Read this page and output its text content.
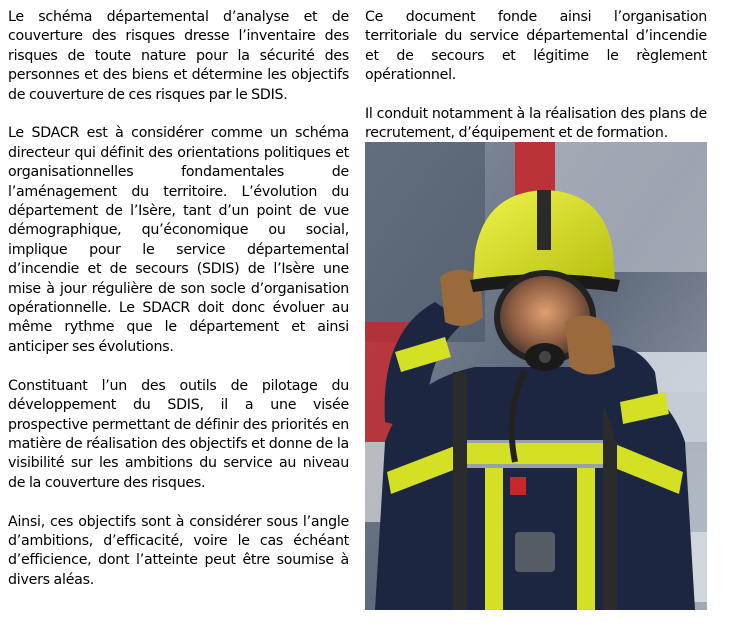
Le schéma départemental d’analyse et de couverture des risques dresse l’inventaire des risques de toute nature pour la sécurité des personnes et des biens et détermine les objectifs de couverture de ces risques par le SDIS.

Le SDACR est à considérer comme un schéma directeur qui définit des orientations politiques et organisationnelles fondamentales de l’aménagement du territoire. L’évolution du département de l’Isère, tant d’un point de vue démographique, qu’économique ou social, implique pour le service départemental d’incendie et de secours (SDIS) de l’Isère une mise à jour régulière de son socle d’organisation opérationnelle. Le SDACR doit donc évoluer au même rythme que le département et ainsi anticiper ses évolutions.

Constituant l’un des outils de pilotage du développement du SDIS, il a une visée prospective permettant de définir des priorités en matière de réalisation des objectifs et donne de la visibilité sur les ambitions du service au niveau de la couverture des risques.

Ainsi, ces objectifs sont à considérer sous l’angle d’ambitions, d’efficacité, voire le cas échéant d’efficience, dont l’atteinte peut être soumise à divers aléas.

Ce document fonde ainsi l’organisation territoriale du service départemental d’incendie et de secours et légitime le règlement opérationnel.

Il conduit notamment à la réalisation des plans de recrutement, d’équipement et de formation.
